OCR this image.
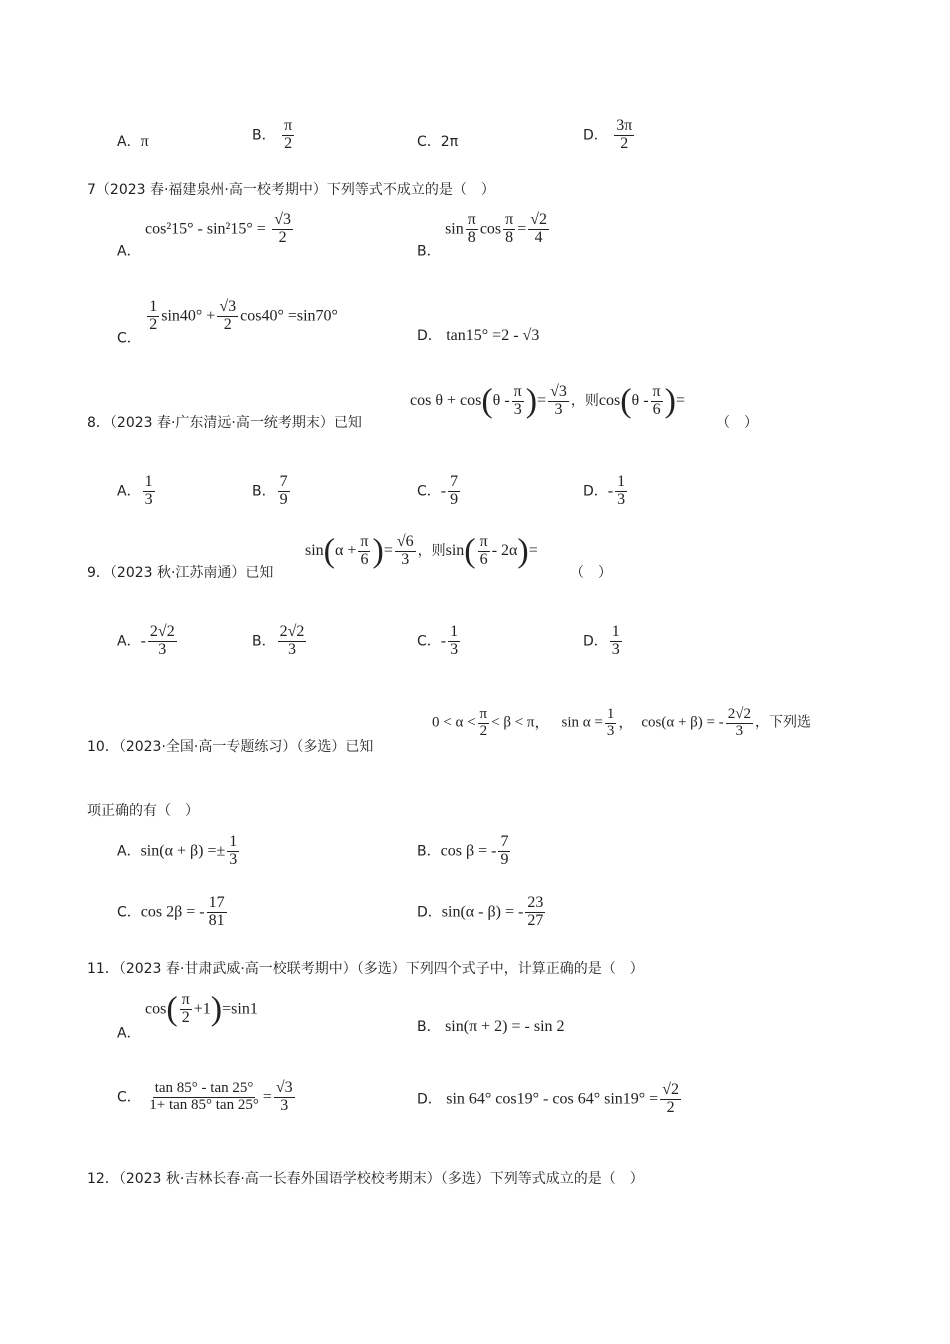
A．π	B． $\frac{\pi}{2}$	C．2π	D． $\frac{3\pi}{2}$
7（2023 春·福建泉州·高一校考期中）下列等式不成立的是（　）
A． $\cos^215^\circ - \sin^215^\circ = \frac{√3}{2}$
B． $\sin \frac{\pi}{8}$ $\cos \frac{\pi}{8} = \frac{√2}{4}$
C．
$\frac{1}{2} \sin 40^\circ + \frac{√3}{2} \cos 40^\circ =\sin 70^\circ$
D． tan15° =2 - √3
8．（2023 春·广东清远·高一统考期末）已知
$\cos \theta + \cos(\theta - \frac{\pi}{3}$ )= $\frac{√3}{3}$ ，则$\cos(\theta - \frac{\pi}{6}$ )=
（　）
A． $\frac{1}{3}$	B． $\frac{7}{9}$	C．- $\frac{7}{9}$	D．- $\frac{1}{3}$
9．（2023 秋·江苏南通）已知
$\sin(\alpha + \frac{\pi}{6}$ )= $\frac{√6}{3}$ ，则$\sin( \frac{\pi}{6} - 2\alpha)=$
（　）
A．- $\frac{2√2}{3}$	B． $\frac{2√2}{3}$	C．- $\frac{1}{3}$	D． $\frac{1}{3}$
10．（2023·全国·高一专题练习）（多选）已知
$0 < \alpha < \frac{\pi}{2} < \beta < \pi$， $\sin \alpha = \frac{1}{3}$ ， cos(α + β) = - $\frac{2√2}{3}$ ，下列选
项正确的有（　）
A．$\sin(\alpha + \beta) =\pm \frac{1}{3}$	B．cos β = - $\frac{7}{9}$
C．cos 2β = - $\frac{17}{81}$	D．sin(α - β) = - $\frac{23}{27}$
11．（2023 春·甘肃武威·高一校联考期中）（多选）下列四个式子中，计算正确的是（　）
A． $\cos( \frac{\pi}{2} +1)=\sin 1$
B． sin(π + 2) = - sin 2
C． $\frac{\tan 85^\circ - \tan 25^\circ}{1+ \tan 85^\circ \tan 25^\circ} = \frac{√3}{3}$	D． sin 64° cos19° - cos 64° $\sin 19^\circ = \frac{√2}{2}$
12．（2023 秋·吉林长春·高一长春外国语学校校考期末）（多选）下列等式成立的是（　）
